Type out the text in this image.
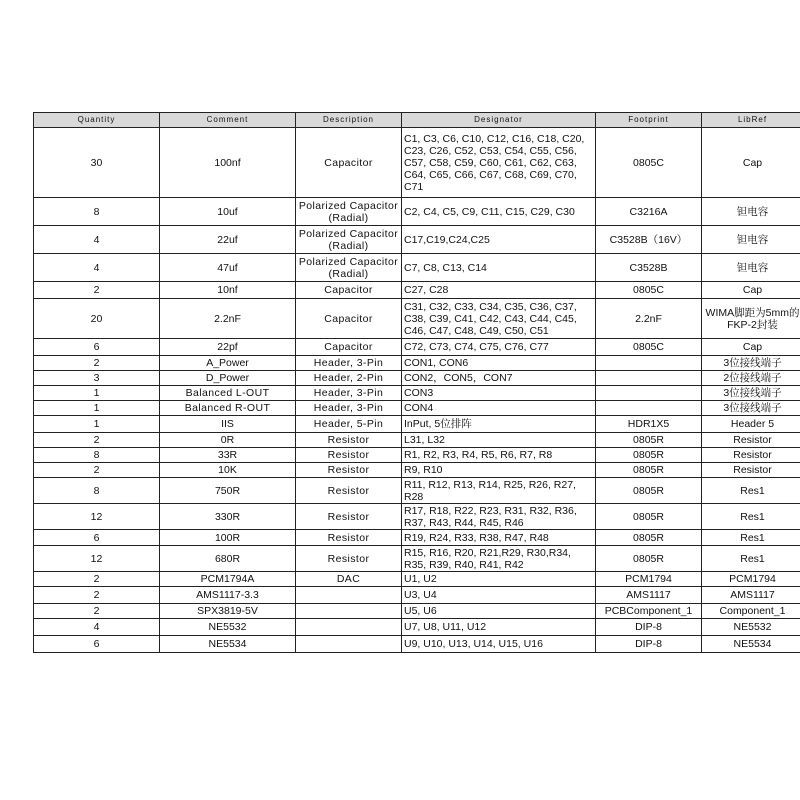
Quantity	Comment	Description	Designator	Footprint	LibRef
30	100nf	Capacitor	C1, C3, C6, C10, C12, C16, C18, C20, C23, C26, C52, C53, C54, C55, C56, C57, C58, C59, C60, C61, C62, C63, C64, C65, C66, C67, C68, C69, C70, C71	0805C	Cap
8	10uf	Polarized Capacitor (Radial)	C2, C4, C5, C9, C11, C15, C29, C30	C3216A	钽电容
4	22uf	Polarized Capacitor (Radial)	C17,C19,C24,C25	C3528B（16V）	钽电容
4	47uf	Polarized Capacitor (Radial)	C7, C8, C13, C14	C3528B	钽电容
2	10nf	Capacitor	C27, C28	0805C	Cap
20	2.2nF	Capacitor	C31, C32, C33, C34, C35, C36, C37, C38, C39, C41, C42, C43, C44, C45, C46, C47, C48, C49, C50, C51	2.2nF	WIMA脚距为5mm的FKP-2封装
6	22pf	Capacitor	C72, C73, C74, C75, C76, C77	0805C	Cap
2	A_Power	Header, 3-Pin	CON1, CON6		3位接线端子
3	D_Power	Header, 2-Pin	CON2，CON5，CON7		2位接线端子
1	Balanced L-OUT	Header, 3-Pin	CON3		3位接线端子
1	Balanced R-OUT	Header, 3-Pin	CON4		3位接线端子
1	IIS	Header, 5-Pin	InPut, 5位排阵	HDR1X5	Header 5
2	0R	Resistor	L31, L32	0805R	Resistor
8	33R	Resistor	R1, R2, R3, R4, R5, R6, R7, R8	0805R	Resistor
2	10K	Resistor	R9, R10	0805R	Resistor
8	750R	Resistor	R11, R12, R13, R14, R25, R26, R27, R28	0805R	Res1
12	330R	Resistor	R17, R18, R22, R23, R31, R32, R36, R37, R43, R44, R45, R46	0805R	Res1
6	100R	Resistor	R19, R24, R33, R38, R47, R48	0805R	Res1
12	680R	Resistor	R15, R16, R20, R21,R29, R30,R34, R35, R39, R40, R41, R42	0805R	Res1
2	PCM1794A	DAC	U1, U2	PCM1794	PCM1794
2	AMS1117-3.3		U3, U4	AMS1117	AMS1117
2	SPX3819-5V		U5, U6	PCBComponent_1	Component_1
4	NE5532		U7, U8, U11, U12	DIP-8	NE5532
6	NE5534		U9, U10, U13, U14, U15, U16	DIP-8	NE5534
